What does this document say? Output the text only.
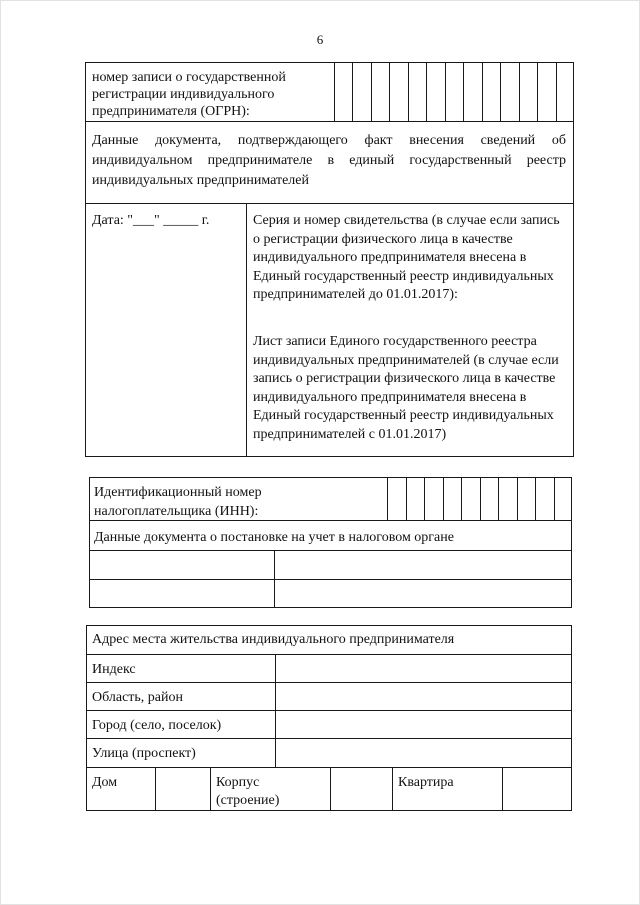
6
номер записи о государственной регистрации индивидуального предпринимателя (ОГРН):
Данные документа, подтверждающего факт внесения сведений об индивидуальном предпринимателе в единый государственный реестр индивидуальных предпринимателей
Дата: "___" _____ г.	Серия и номер свидетельства (в случае если запись о регистрации физического лица в качестве индивидуального предпринимателя внесена в Единый государственный реестр индивидуальных предпринимателей до 01.01.2017):
Лист записи Единого государственного реестра индивидуальных предпринимателей (в случае если запись о регистрации физического лица в качестве индивидуального предпринимателя внесена в Единый государственный реестр индивидуальных предпринимателей с 01.01.2017)
Идентификационный номер налогоплательщика (ИНН):
Данные документа о постановке на учет в налоговом органе
Адрес места жительства индивидуального предпринимателя
Индекс
Область, район
Город (село, поселок)
Улица (проспект)
Дом	Корпус (строение)
Квартира
